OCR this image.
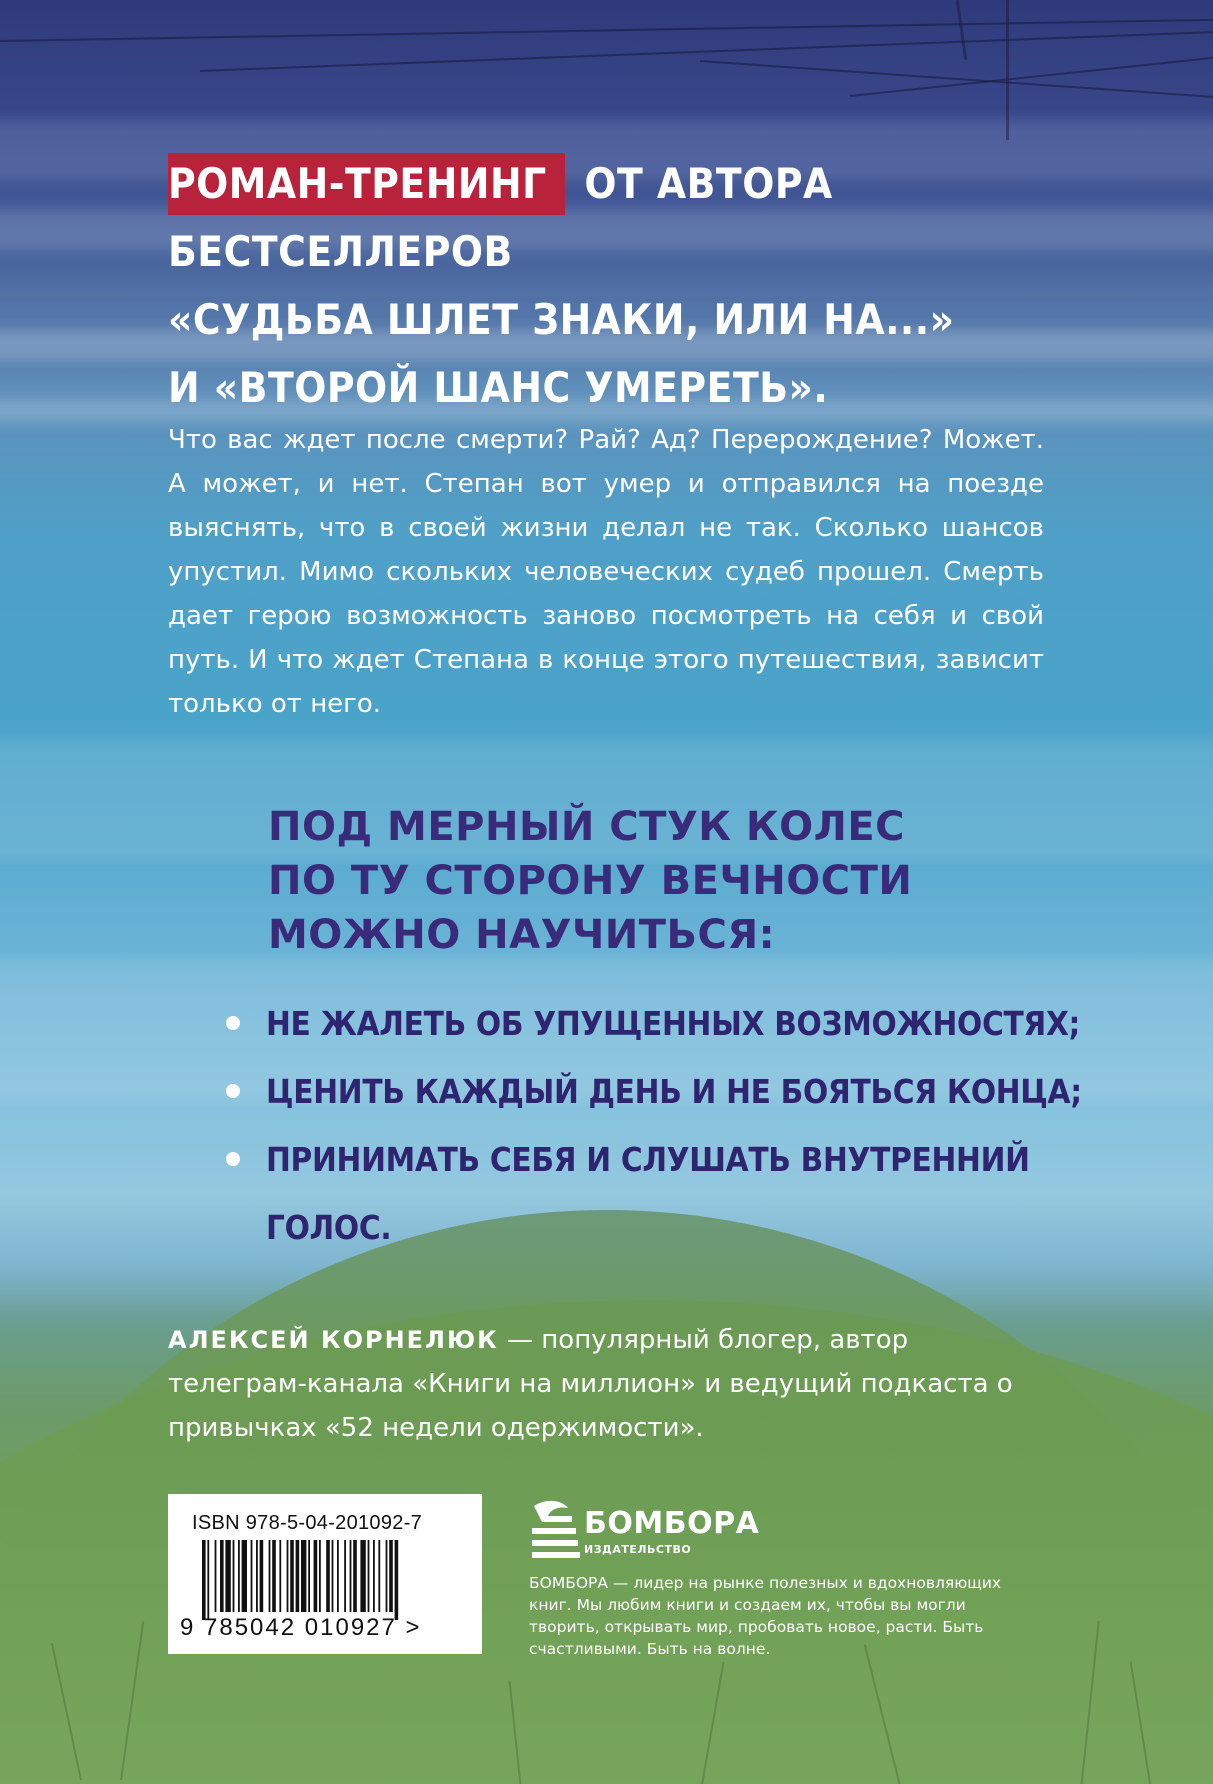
РОМАН-ТРЕНИНГ ОТ АВТОРА БЕСТСЕЛЛЕРОВ
«СУДЬБА ШЛЕТ ЗНАКИ, ИЛИ НА...»
И «ВТОРОЙ ШАНС УМЕРЕТЬ».
Что вас ждет после смерти? Рай? Ад? Перерождение? Может. А может, и нет. Степан вот умер и отправился на поезде выяснять, что в своей жизни делал не так. Сколько шансов упустил. Мимо скольких человеческих судеб прошел. Смерть дает герою возможность заново посмотреть на себя и свой путь. И что ждет Степана в конце этого путешествия, зависит только от него.
ПОД МЕРНЫЙ СТУК КОЛЕС
ПО ТУ СТОРОНУ ВЕЧНОСТИ
МОЖНО НАУЧИТЬСЯ:
НЕ ЖАЛЕТЬ ОБ УПУЩЕННЫХ ВОЗМОЖНОСТЯХ;
ЦЕНИТЬ КАЖДЫЙ ДЕНЬ И НЕ БОЯТЬСЯ КОНЦА;
ПРИНИМАТЬ СЕБЯ И СЛУШАТЬ ВНУТРЕННИЙ ГОЛОС.
АЛЕКСЕЙ КОРНЕЛЮК — популярный блогер, автор телеграм-канала «Книги на миллион» и ведущий подкаста о привычках «52 недели одержимости».
ISBN 978-5-04-201092-7
9 785042 010927 >
БОМБОРА
ИЗДАТЕЛЬСТВО
БОМБОРА — лидер на рынке полезных и вдохновляющих книг. Мы любим книги и создаем их, чтобы вы могли творить, открывать мир, пробовать новое, расти. Быть счастливыми. Быть на волне.
